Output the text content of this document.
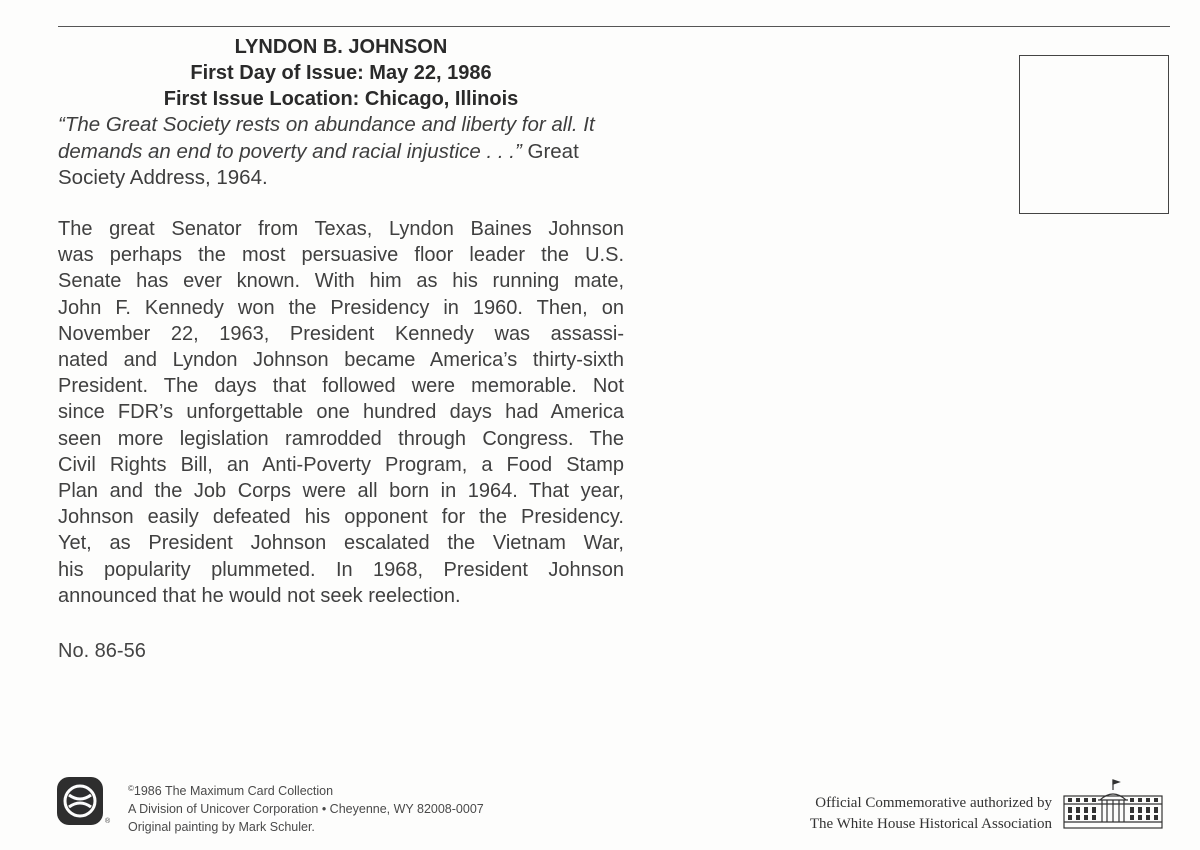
LYNDON B. JOHNSON
First Day of Issue: May 22, 1986
First Issue Location: Chicago, Illinois
“The Great Society rests on abundance and liberty for all. It demands an end to poverty and racial injustice . . .” Great Society Address, 1964.
The great Senator from Texas, Lyndon Baines Johnson
was perhaps the most persuasive floor leader the U.S.
Senate has ever known. With him as his running mate,
John F. Kennedy won the Presidency in 1960. Then, on
November 22, 1963, President Kennedy was assassi-
nated and Lyndon Johnson became America’s thirty-sixth
President. The days that followed were memorable. Not
since FDR’s unforgettable one hundred days had America
seen more legislation ramrodded through Congress. The
Civil Rights Bill, an Anti-Poverty Program, a Food Stamp
Plan and the Job Corps were all born in 1964. That year,
Johnson easily defeated his opponent for the Presidency.
Yet, as President Johnson escalated the Vietnam War,
his popularity plummeted. In 1968, President Johnson
announced that he would not seek reelection.
No. 86-56
®
©1986 The Maximum Card Collection
A Division of Unicover Corporation • Cheyenne, WY 82008-0007
Original painting by Mark Schuler.
Official Commemorative authorized by
The White House Historical Association
